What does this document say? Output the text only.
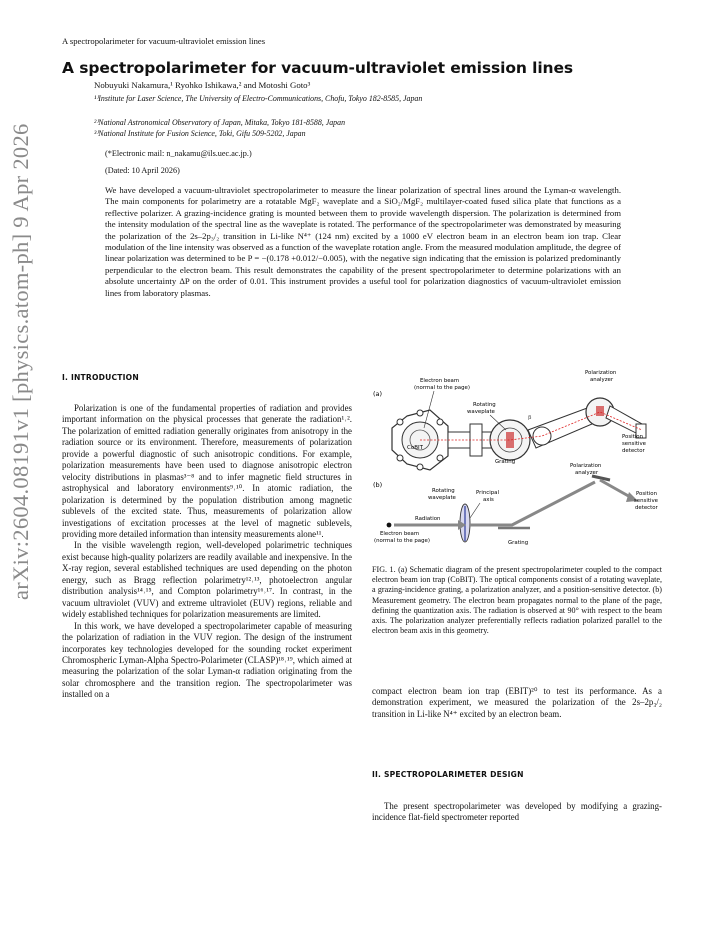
A spectropolarimeter for vacuum-ultraviolet emission lines
A spectropolarimeter for vacuum-ultraviolet emission lines
Nobuyuki Nakamura,¹ Ryohko Ishikawa,² and Motoshi Goto³
¹⁾Institute for Laser Science, The University of Electro-Communications, Chofu, Tokyo 182-8585, Japan
²⁾National Astronomical Observatory of Japan, Mitaka, Tokyo 181-8588, Japan
³⁾National Institute for Fusion Science, Toki, Gifu 509-5202, Japan
(*Electronic mail: n_nakamu@ils.uec.ac.jp.)
(Dated: 10 April 2026)
We have developed a vacuum-ultraviolet spectropolarimeter to measure the linear polarization of spectral lines around the Lyman-α wavelength. The main components for polarimetry are a rotatable MgF₂ waveplate and a SiO₂/MgF₂ multilayer-coated fused silica plate that functions as a reflective polarizer. A grazing-incidence grating is mounted between them to provide wavelength dispersion. The polarization is determined from the intensity modulation of the spectral line as the waveplate is rotated. The performance of the spectropolarimeter was demonstrated by measuring the polarization of the 2s–2p₃/₂ transition in Li-like N⁴⁺ (124 nm) excited by a 1000 eV electron beam in an electron beam ion trap. Clear modulation of the line intensity was observed as a function of the waveplate rotation angle. From the measured modulation amplitude, the degree of linear polarization was determined to be P = −(0.178 +0.012/−0.005), with the negative sign indicating that the emission is polarized predominantly perpendicular to the electron beam. This result demonstrates the capability of the present spectropolarimeter to determine polarizations with an absolute uncertainty ΔP on the order of 0.01. This instrument provides a useful tool for polarization diagnostics of vacuum-ultraviolet emission lines from laboratory plasmas.
arXiv:2604.08191v1 [physics.atom-ph] 9 Apr 2026	I. INTRODUCTION

Polarization is one of the fundamental properties of radiation and provides important information on the physical processes that generate the radiation¹˒². The polarization of emitted radiation generally originates from anisotropy in the radiation source or its environment. Therefore, measurements of polarization provide a powerful diagnostic of such anisotropic conditions. For example, polarization measurements have been used to diagnose anisotropic electron velocity distributions in plasmas³⁻⁸ and to infer magnetic field structures in astrophysical and laboratory environments⁹˒¹⁰. In atomic radiation, the polarization is determined by the population distribution among magnetic sublevels of the excited state. Thus, measurements of polarization allow investigations of excitation processes at the level of magnetic sublevels, providing more detailed information than intensity measurements alone¹¹.

In the visible wavelength region, well-developed polarimetric techniques exist because high-quality polarizers are readily available and inexpensive. In the X-ray region, several established techniques are used depending on the photon energy, such as Bragg reflection polarimetry¹²˒¹³, photoelectron angular distribution analysis¹⁴˒¹⁵, and Compton polarimetry¹⁶˒¹⁷. In contrast, in the vacuum ultraviolet (VUV) and extreme ultraviolet (EUV) regions, reliable and widely established techniques for polarization measurements are limited.

In this work, we have developed a spectropolarimeter capable of measuring the polarization of radiation in the VUV region. The design of the instrument incorporates key technologies developed for the sounding rocket experiment Chromospheric Lyman-Alpha Spectro-Polarimeter (CLASP)¹⁸˒¹⁹, which aimed at measuring the polarization of the solar Lyman-α radiation originating from the solar chromosphere and the transition region. The spectropolarimeter was installed on a

(a)
CoBIT
Electron beam
(normal to the page)
Rotating
waveplate
Grating
Polarization
analyzer
Position
sensitive
detector
β
(b)
Rotating
waveplate
Principal
axis
Electron beam
(normal to the page)
Radiation
Grating
Polarization
analyzer
Position
sensitive
detector
FIG. 1. (a) Schematic diagram of the present spectropolarimeter coupled to the compact electron beam ion trap (CoBIT). The optical components consist of a rotating waveplate, a grazing-incidence grating, a polarization analyzer, and a position-sensitive detector. (b) Measurement geometry. The electron beam propagates normal to the plane of the page, defining the quantization axis. The radiation is observed at 90° with respect to the beam axis. The polarization analyzer preferentially reflects radiation polarized parallel to the electron beam axis in this geometry.

compact electron beam ion trap (EBIT)²⁰ to test its performance. As a demonstration experiment, we measured the polarization of the 2s–2p₃/₂ transition in Li-like N⁴⁺ excited by an electron beam.

II. SPECTROPOLARIMETER DESIGN

The present spectropolarimeter was developed by modifying a grazing-incidence flat-field spectrometer reported
